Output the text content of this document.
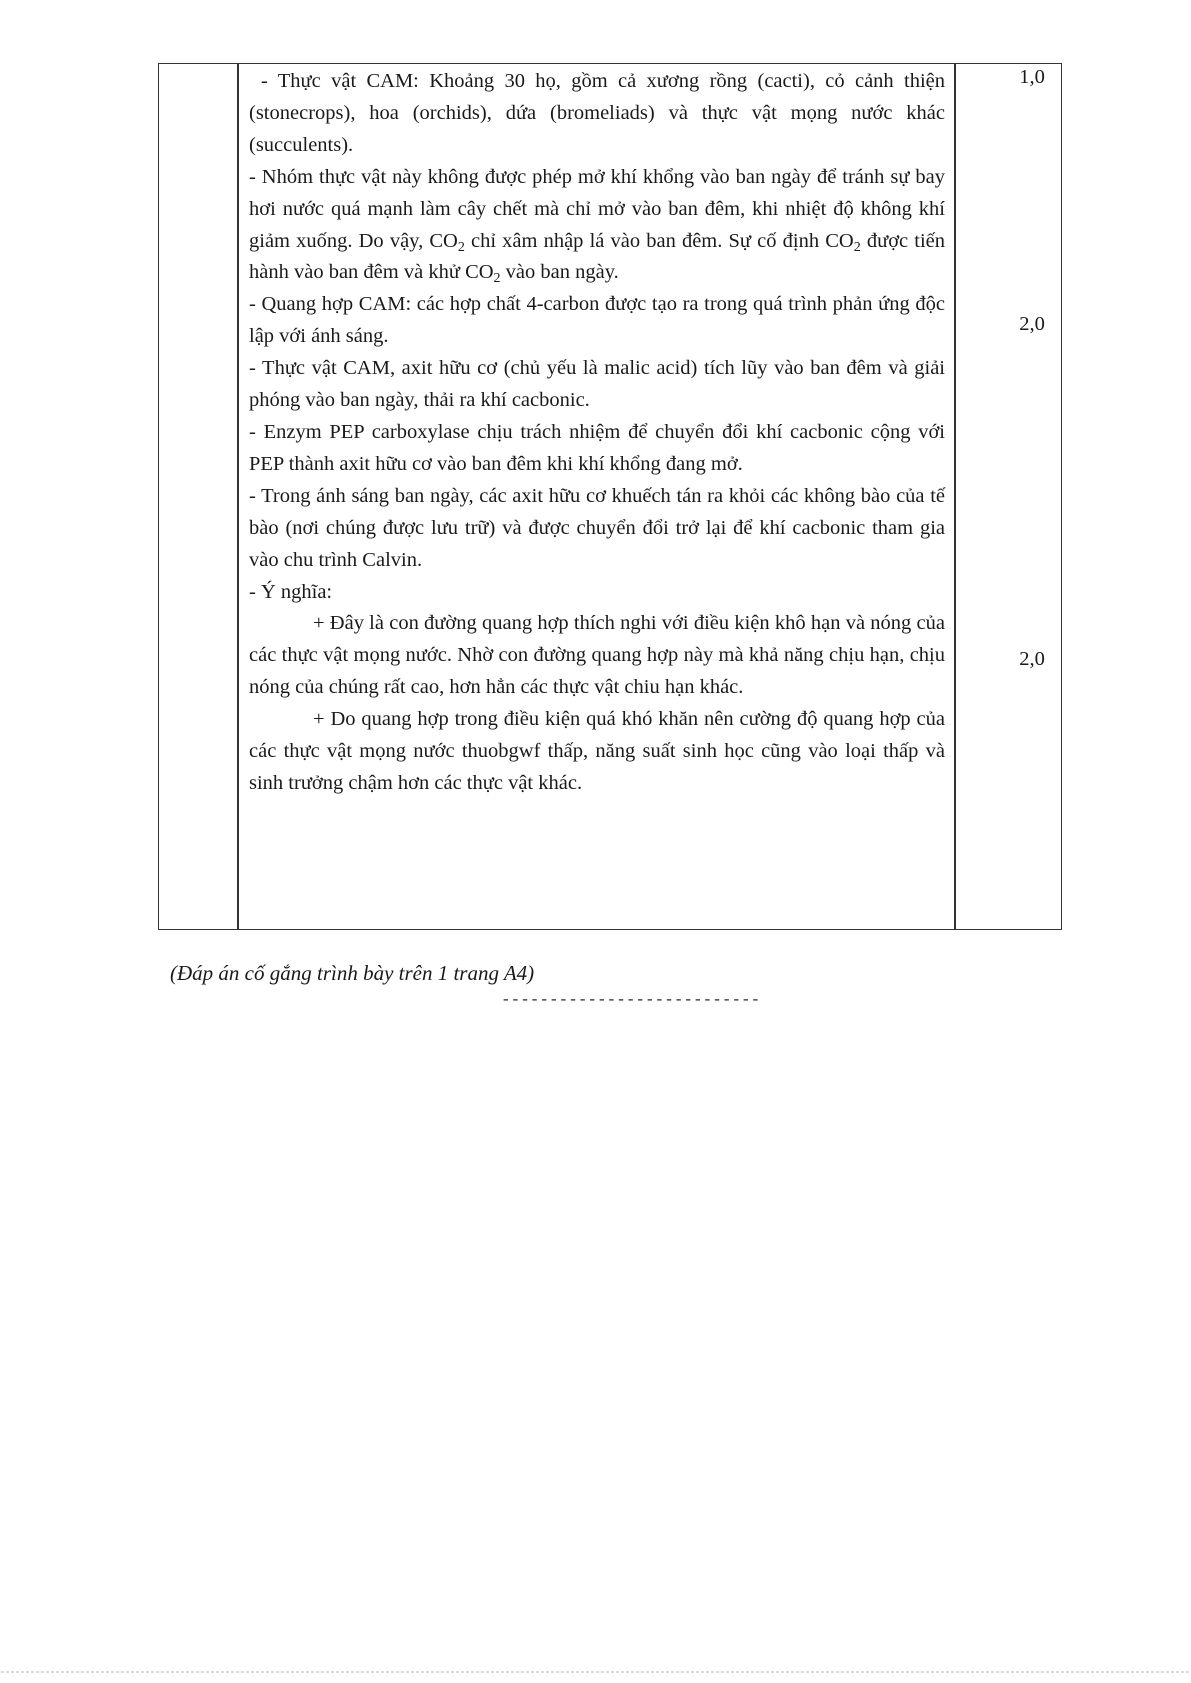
- Thực vật CAM: Khoảng 30 họ, gồm cả xương rồng (cacti), cỏ cảnh thiện (stonecrops), hoa (orchids), dứa (bromeliads) và thực vật mọng nước khác (succulents).

- Nhóm thực vật này không được phép mở khí khổng vào ban ngày để tránh sự bay hơi nước quá mạnh làm cây chết mà chỉ mở vào ban đêm, khi nhiệt độ không khí giảm xuống. Do vậy, $CO_2$ chỉ xâm nhập lá vào ban đêm. Sự cố định $CO_2$ được tiến hành vào ban đêm và khử $CO_2$ vào ban ngày.

- Quang hợp CAM: các hợp chất 4-carbon được tạo ra trong quá trình phản ứng độc lập với ánh sáng.

- Thực vật CAM, axit hữu cơ (chủ yếu là malic acid) tích lũy vào ban đêm và giải phóng vào ban ngày, thải ra khí cacbonic.

- Enzym PEP carboxylase chịu trách nhiệm để chuyển đổi khí cacbonic cộng với PEP thành axit hữu cơ vào ban đêm khi khí khổng đang mở.

- Trong ánh sáng ban ngày, các axit hữu cơ khuếch tán ra khỏi các không bào của tế bào (nơi chúng được lưu trữ) và được chuyển đổi trở lại để khí cacbonic tham gia vào chu trình Calvin.

- Ý nghĩa:

+ Đây là con đường quang hợp thích nghi với điều kiện khô hạn và nóng của các thực vật mọng nước. Nhờ con đường quang hợp này mà khả năng chịu hạn, chịu nóng của chúng rất cao, hơn hẳn các thực vật chiu hạn khác.

+ Do quang hợp trong điều kiện quá khó khăn nên cường độ quang hợp của các thực vật mọng nước thuobgwf thấp, năng suất sinh học cũng vào loại thấp và sinh trưởng chậm hơn các thực vật khác.

1,0
2,0
2,0
(Đáp án cố gắng trình bày trên 1 trang A4)
---------------------------
